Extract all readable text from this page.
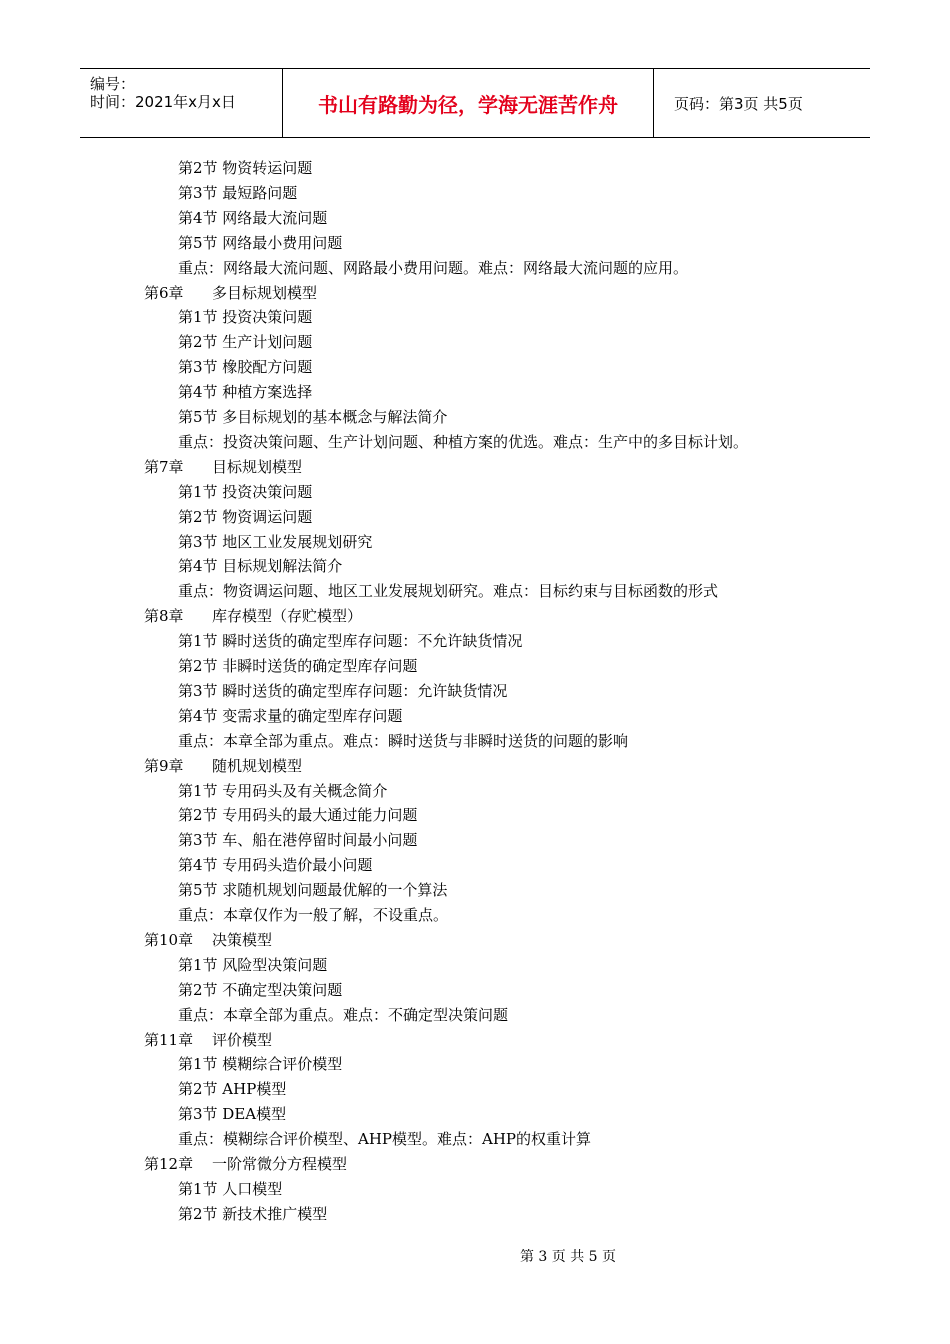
编号：
时间：2021年x月x日	书山有路勤为径，学海无涯苦作舟	页码：第3页 共5页
第2节 物资转运问题
第3节 最短路问题
第4节 网络最大流问题
第5节 网络最小费用问题
重点：网络最大流问题、网路最小费用问题。难点：网络最大流问题的应用。
第6章 多目标规划模型
第1节 投资决策问题
第2节 生产计划问题
第3节 橡胶配方问题
第4节 种植方案选择
第5节 多目标规划的基本概念与解法简介
重点：投资决策问题、生产计划问题、种植方案的优选。难点：生产中的多目标计划。
第7章 目标规划模型
第1节 投资决策问题
第2节 物资调运问题
第3节 地区工业发展规划研究
第4节 目标规划解法简介
重点：物资调运问题、地区工业发展规划研究。难点：目标约束与目标函数的形式
第8章 库存模型（存贮模型）
第1节 瞬时送货的确定型库存问题：不允许缺货情况
第2节 非瞬时送货的确定型库存问题
第3节 瞬时送货的确定型库存问题：允许缺货情况
第4节 变需求量的确定型库存问题
重点：本章全部为重点。难点：瞬时送货与非瞬时送货的问题的影响
第9章 随机规划模型
第1节 专用码头及有关概念简介
第2节 专用码头的最大通过能力问题
第3节 车、船在港停留时间最小问题
第4节 专用码头造价最小问题
第5节 求随机规划问题最优解的一个算法
重点：本章仅作为一般了解，不设重点。
第10章 决策模型
第1节 风险型决策问题
第2节 不确定型决策问题
重点：本章全部为重点。难点：不确定型决策问题
第11章 评价模型
第1节 模糊综合评价模型
第2节 AHP模型
第3节 DEA模型
重点：模糊综合评价模型、AHP模型。难点：AHP的权重计算
第12章 一阶常微分方程模型
第1节 人口模型
第2节 新技术推广模型
第 3 页 共 5 页
